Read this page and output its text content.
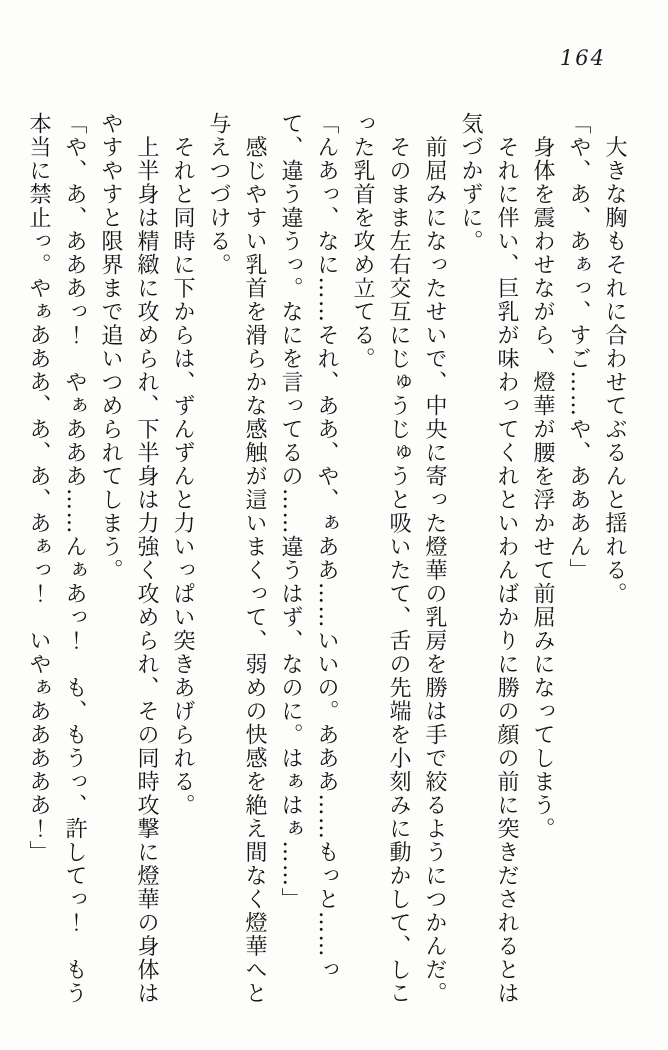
164

　大きな胸もそれに合わせてぶるんと揺れる。

「や、あ、あぁっ、すご……や、あああん」

　身体を震わせながら、燈華が腰を浮かせて前屈みになってしまう。

　それに伴い、巨乳が味わってくれといわんばかりに勝の顔の前に突きだされるとは

気づかずに。

　前屈みになったせいで、中央に寄った燈華の乳房を勝は手で絞るようにつかんだ。

　そのまま左右交互にじゅうじゅうと吸いたて、舌の先端を小刻みに動かして、しこ

った乳首を攻め立てる。

「んあっ、なに……それ、ああ、や、ぁああ……いいの。あああ……もっと……っ

て、違う違うっ。なにを言ってるの……違うはず、なのに。はぁはぁ……」

　感じやすい乳首を滑らかな感触が這いまくって、弱めの快感を絶え間なく燈華へと

与えつづける。

　それと同時に下からは、ずんずんと力いっぱい突きあげられる。

　上半身は精緻に攻められ、下半身は力強く攻められ、その同時攻撃に燈華の身体は

やすやすと限界まで追いつめられてしまう。

「や、あ、あああっ！　やぁあああ……んぁあっ！　も、もうっ、許してっ！　もう

本当に禁止っ。やぁあああ、あ、あ、あぁっ！　いやぁあああああ！」
